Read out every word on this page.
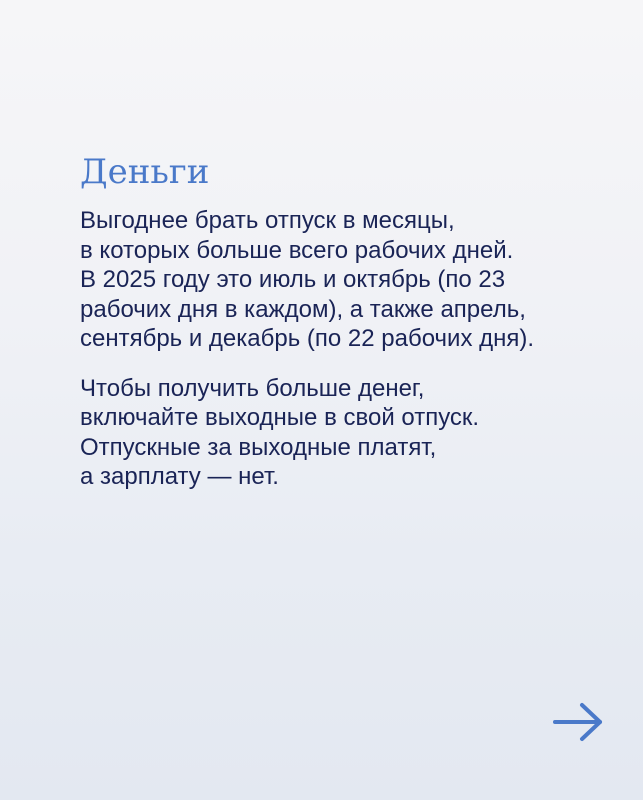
Деньги

Выгоднее брать отпуск в месяцы,
в которых больше всего рабочих дней.
В 2025 году это июль и октябрь (по 23
рабочих дня в каждом), а также апрель,
сентябрь и декабрь (по 22 рабочих дня).

Чтобы получить больше денег,
включайте выходные в свой отпуск.
Отпускные за выходные платят,
а зарплату — нет.
